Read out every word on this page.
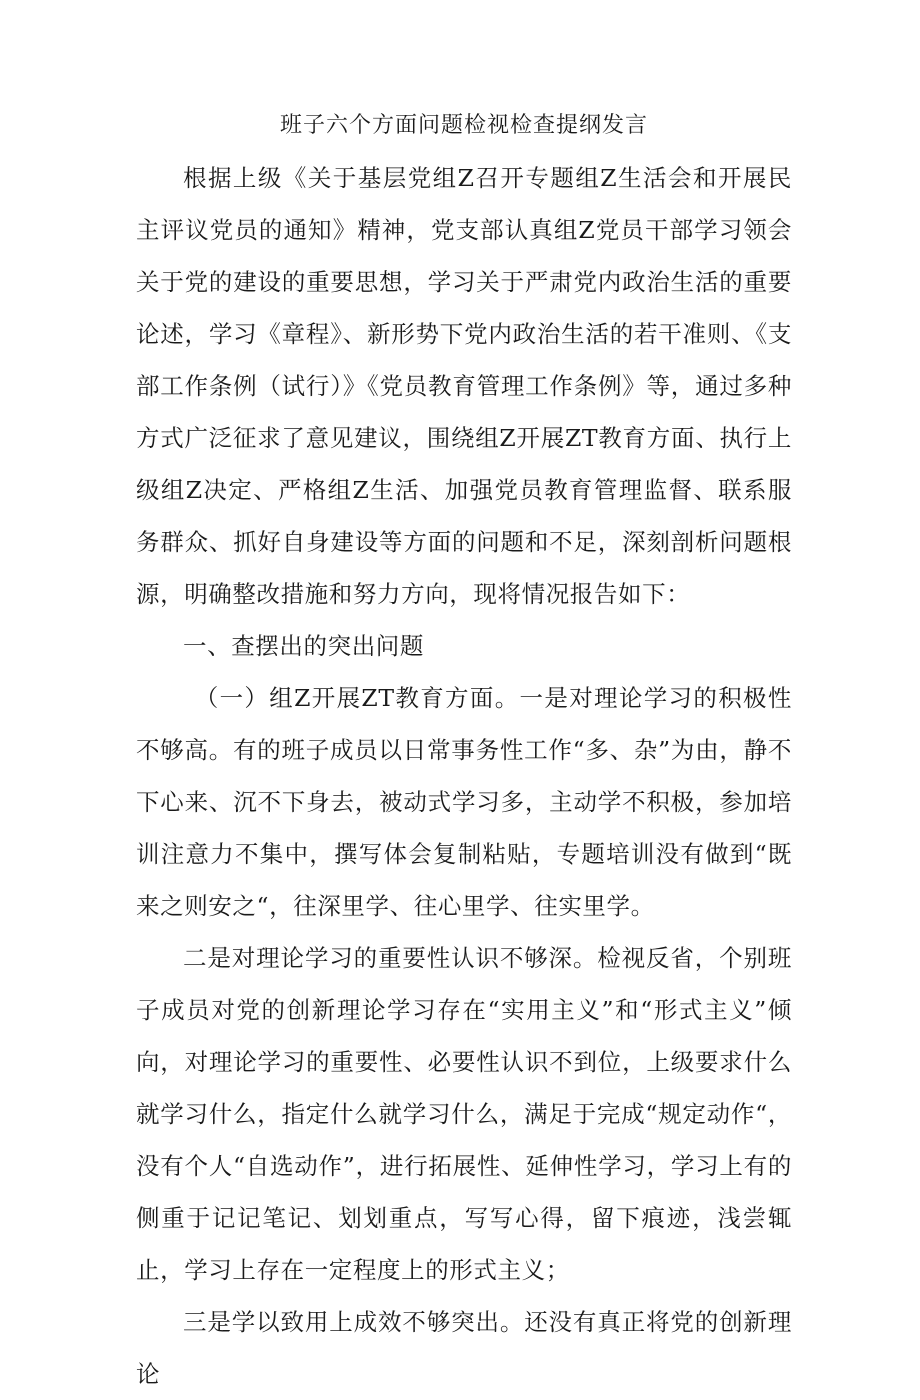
班子六个方面问题检视检查提纲发言

根据上级《关于基层党组Z召开专题组Z生活会和开展民主评议党员的通知》精神，党支部认真组Z党员干部学习领会关于党的建设的重要思想，学习关于严肃党内政治生活的重要论述，学习《章程》、新形势下党内政治生活的若干准则、《支部工作条例（试行）》《党员教育管理工作条例》等，通过多种方式广泛征求了意见建议，围绕组Z开展ZT教育方面、执行上级组Z决定、严格组Z生活、加强党员教育管理监督、联系服务群众、抓好自身建设等方面的问题和不足，深刻剖析问题根源，明确整改措施和努力方向，现将情况报告如下：

一、查摆出的突出问题

（一）组Z开展ZT教育方面。一是对理论学习的积极性不够高。有的班子成员以日常事务性工作“多、杂”为由，静不下心来、沉不下身去，被动式学习多，主动学不积极，参加培训注意力不集中，撰写体会复制粘贴，专题培训没有做到“既来之则安之“，往深里学、往心里学、往实里学。

二是对理论学习的重要性认识不够深。检视反省，个别班子成员对党的创新理论学习存在“实用主义”和“形式主义”倾向，对理论学习的重要性、必要性认识不到位，上级要求什么就学习什么，指定什么就学习什么，满足于完成“规定动作“，没有个人“自选动作”，进行拓展性、延伸性学习，学习上有的侧重于记记笔记、划划重点，写写心得，留下痕迹，浅尝辄止，学习上存在一定程度上的形式主义；

三是学以致用上成效不够突出。还没有真正将党的创新理论
